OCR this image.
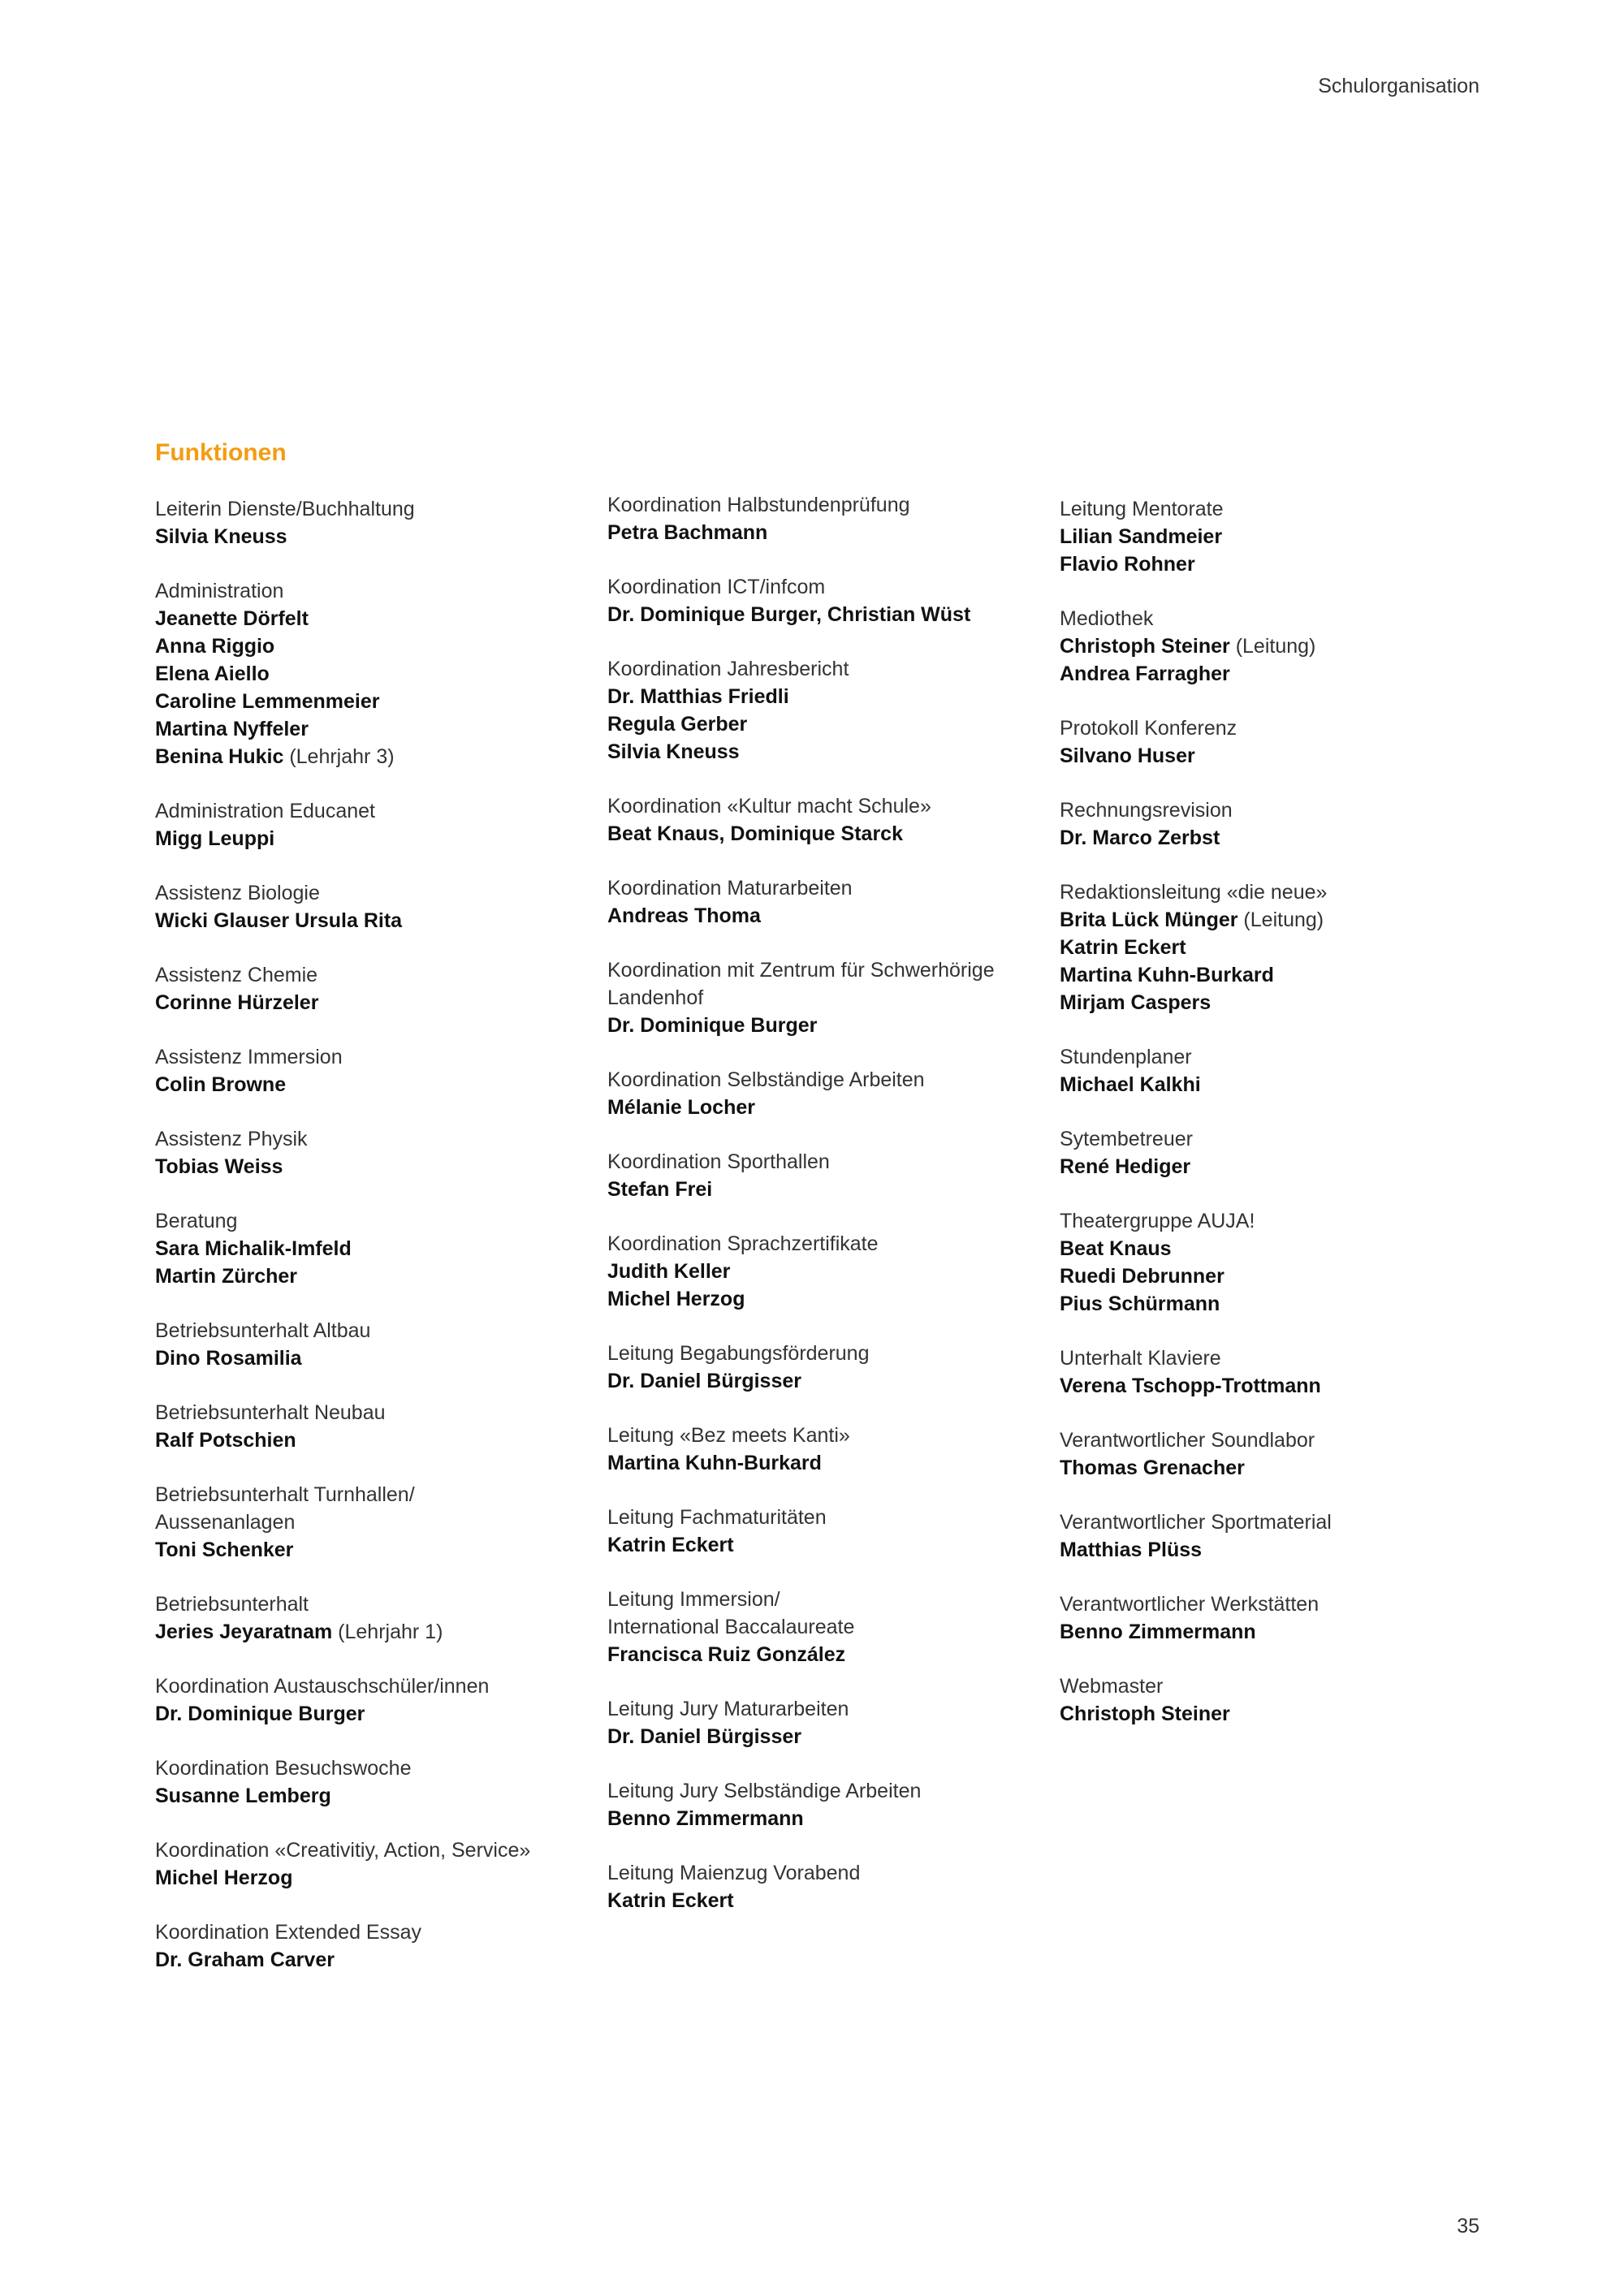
Schulorganisation
Funktionen
Leiterin Dienste/Buchhaltung
Silvia Kneuss
Administration
Jeanette Dörfelt
Anna Riggio
Elena Aiello
Caroline Lemmenmeier
Martina Nyffeler
Benina Hukic (Lehrjahr 3)
Administration Educanet
Migg Leuppi
Assistenz Biologie
Wicki Glauser Ursula Rita
Assistenz Chemie
Corinne Hürzeler
Assistenz Immersion
Colin Browne
Assistenz Physik
Tobias Weiss
Beratung
Sara Michalik-Imfeld
Martin Zürcher
Betriebsunterhalt Altbau
Dino Rosamilia
Betriebsunterhalt Neubau
Ralf Potschien
Betriebsunterhalt Turnhallen/
Aussenanlagen
Toni Schenker
Betriebsunterhalt
Jeries Jeyaratnam (Lehrjahr 1)
Koordination Austauschschüler/innen
Dr. Dominique Burger
Koordination Besuchswoche
Susanne Lemberg
Koordination «Creativitiy, Action, Service»
Michel Herzog
Koordination Extended Essay
Dr. Graham Carver
Koordination Halbstundenprüfung
Petra Bachmann
Koordination ICT/infcom
Dr. Dominique Burger, Christian Wüst
Koordination Jahresbericht
Dr. Matthias Friedli
Regula Gerber
Silvia Kneuss
Koordination «Kultur macht Schule»
Beat Knaus, Dominique Starck
Koordination Maturarbeiten
Andreas Thoma
Koordination mit Zentrum für Schwerhörige
Landenhof
Dr. Dominique Burger
Koordination Selbständige Arbeiten
Mélanie Locher
Koordination Sporthallen
Stefan Frei
Koordination Sprachzertifikate
Judith Keller
Michel Herzog
Leitung Begabungsförderung
Dr. Daniel Bürgisser
Leitung «Bez meets Kanti»
Martina Kuhn-Burkard
Leitung Fachmaturitäten
Katrin Eckert
Leitung Immersion/
International Baccalaureate
Francisca Ruiz González
Leitung Jury Maturarbeiten
Dr. Daniel Bürgisser
Leitung Jury Selbständige Arbeiten
Benno Zimmermann
Leitung Maienzug Vorabend
Katrin Eckert
Leitung Mentorate
Lilian Sandmeier
Flavio Rohner
Mediothek
Christoph Steiner (Leitung)
Andrea Farragher
Protokoll Konferenz
Silvano Huser
Rechnungsrevision
Dr. Marco Zerbst
Redaktionsleitung «die neue»
Brita Lück Münger (Leitung)
Katrin Eckert
Martina Kuhn-Burkard
Mirjam Caspers
Stundenplaner
Michael Kalkhi
Sytembetreuer
René Hediger
Theatergruppe AUJA!
Beat Knaus
Ruedi Debrunner
Pius Schürmann
Unterhalt Klaviere
Verena Tschopp-Trottmann
Verantwortlicher Soundlabor
Thomas Grenacher
Verantwortlicher Sportmaterial
Matthias Plüss
Verantwortlicher Werkstätten
Benno Zimmermann
Webmaster
Christoph Steiner
35
